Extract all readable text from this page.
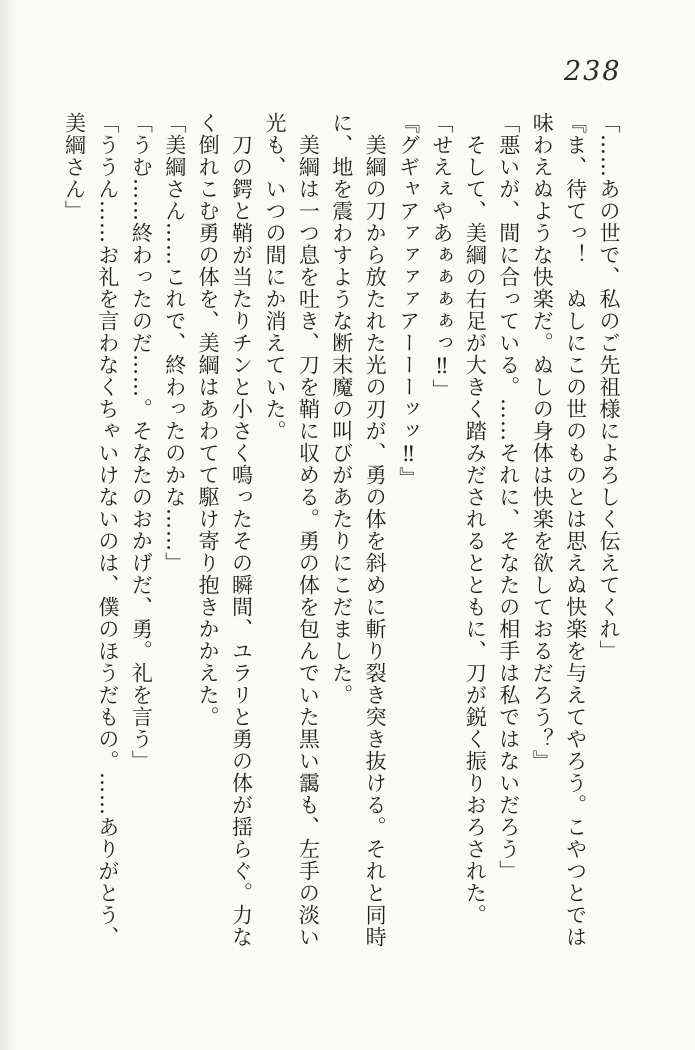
238
「……あの世で、私のご先祖様によろしく伝えてくれ」
『ま、待てっ！　ぬしにこの世のものとは思えぬ快楽を与えてやろう。こやつとでは
味わえぬような快楽だ。ぬしの身体は快楽を欲しておるだろう？』
「悪いが、間に合っている。……それに、そなたの相手は私ではないだろう」
そして、美綱の右足が大きく踏みだされるとともに、刀が鋭く振りおろされた。
「せえぇやあぁぁぁぁっ‼」
『グギャアァァァァアーーーッッ‼』
美綱の刀から放たれた光の刃が、勇の体を斜めに斬り裂き突き抜ける。それと同時
に、地を震わすような断末魔の叫びがあたりにこだました。
美綱は一つ息を吐き、刀を鞘に収める。勇の体を包んでいた黒い靄も、左手の淡い
光も、いつの間にか消えていた。
刀の鍔と鞘が当たりチンと小さく鳴ったその瞬間、ユラリと勇の体が揺らぐ。力な
く倒れこむ勇の体を、美綱はあわてて駆け寄り抱きかかえた。
「美綱さん……これで、終わったのかな……」
「うむ……終わったのだ……。そなたのおかげだ、勇。礼を言う」
「ううん……お礼を言わなくちゃいけないのは、僕のほうだもの。……ありがとう、
美綱さん」
